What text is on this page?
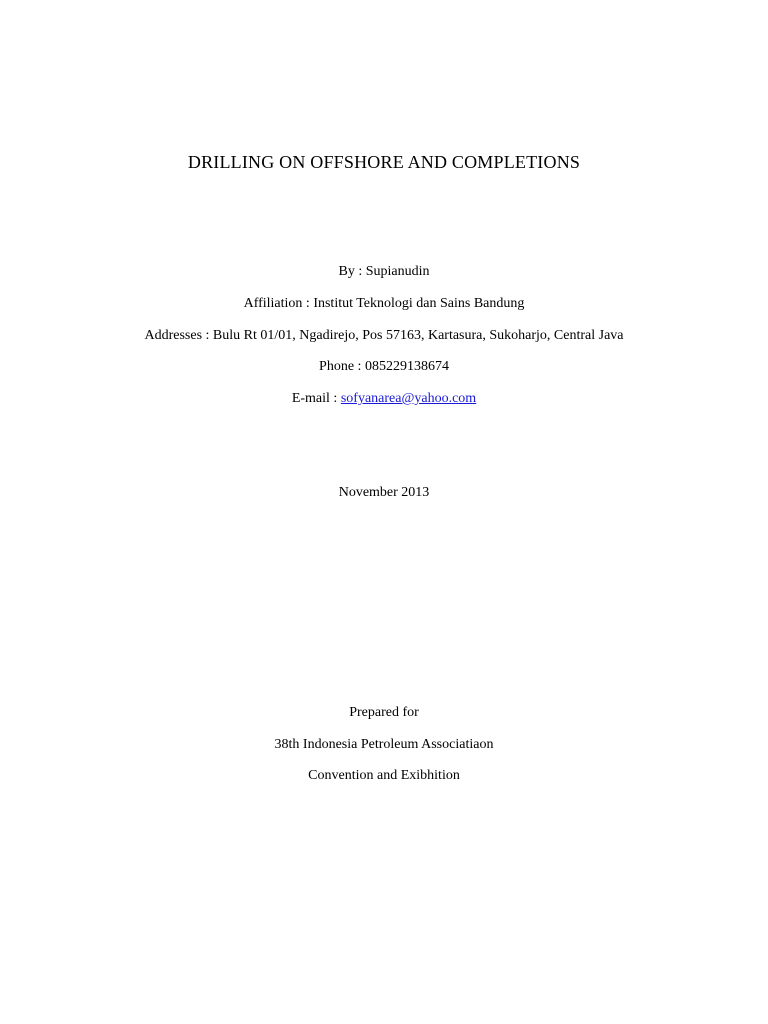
DRILLING ON OFFSHORE AND COMPLETIONS
By : Supianudin
Affiliation : Institut Teknologi dan Sains Bandung
Addresses : Bulu Rt 01/01, Ngadirejo, Pos 57163, Kartasura, Sukoharjo, Central Java
Phone : 085229138674
E-mail : sofyanarea@yahoo.com
November 2013
Prepared for
38th Indonesia Petroleum Associatiaon
Convention and Exibhition
